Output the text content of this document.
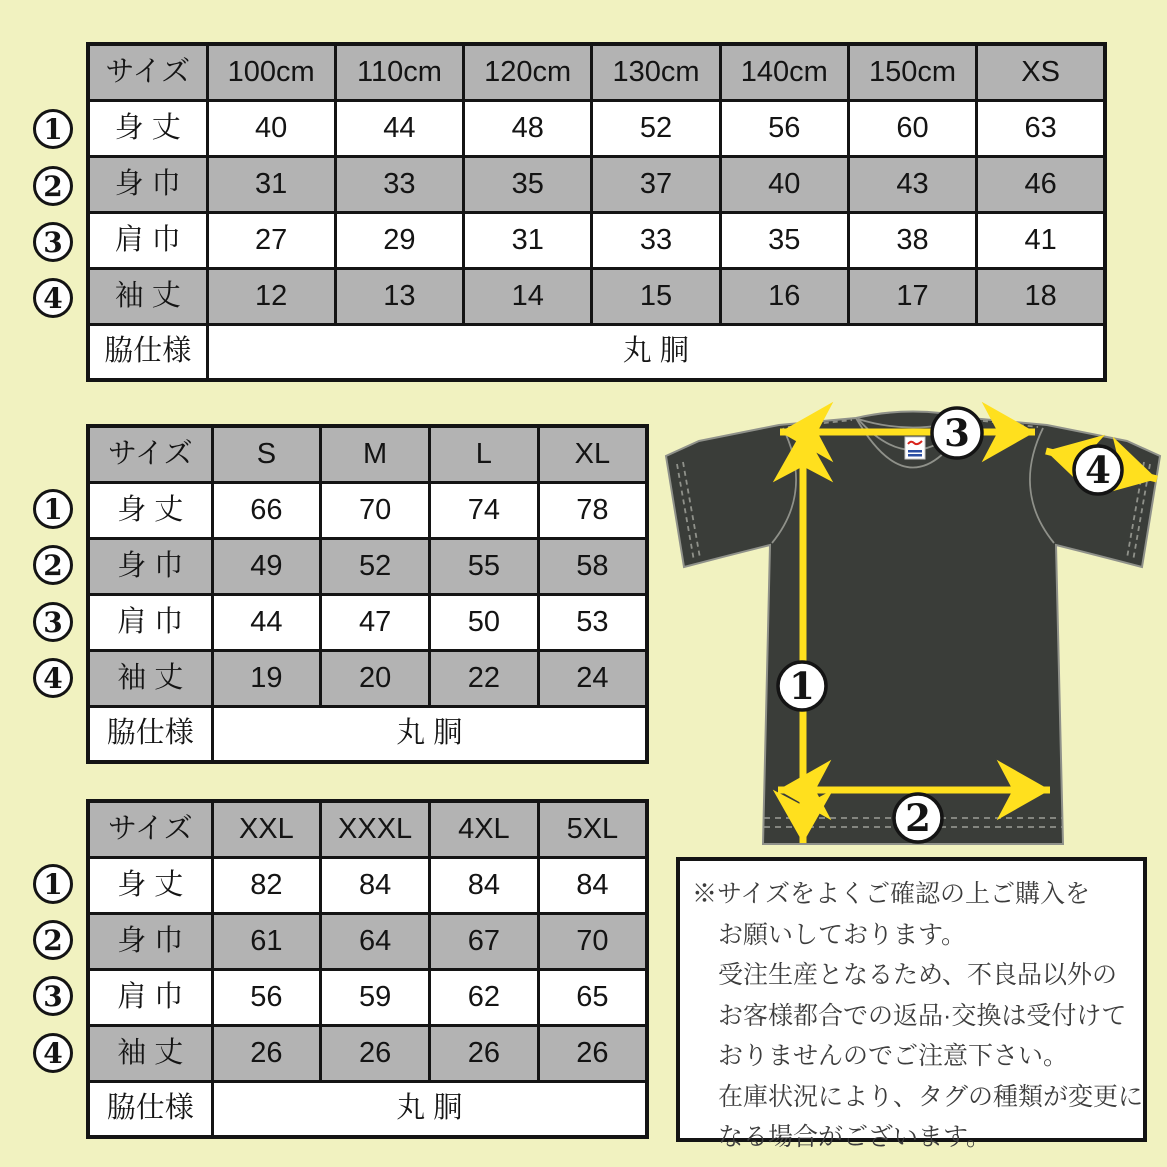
サイズ	100cm	110cm	120cm	130cm	140cm	150cm	XS
身 丈	40	44	48	52	56	60	63
身 巾	31	33	35	37	40	43	46
肩 巾	27	29	31	33	35	38	41
袖 丈	12	13	14	15	16	17	18
脇仕様	丸 胴						
サイズ	S	M	L	XL
身 丈	66	70	74	78
身 巾	49	52	55	58
肩 巾	44	47	50	53
袖 丈	19	20	22	24
脇仕様	丸 胴			
サイズ	XXL	XXXL	4XL	5XL
身 丈	82	84	84	84
身 巾	61	64	67	70
肩 巾	56	59	62	65
袖 丈	26	26	26	26
脇仕様	丸 胴			
1
2
3
4
1
2
3
4
1
2
3
4
3
4
1
2
※サイズをよくご確認の上ご購入を
お願いしております。
受注生産となるため、不良品以外の
お客様都合での返品·交換は受付けて
おりませんのでご注意下さい。
在庫状況により、タグの種類が変更に
なる場合がございます。
